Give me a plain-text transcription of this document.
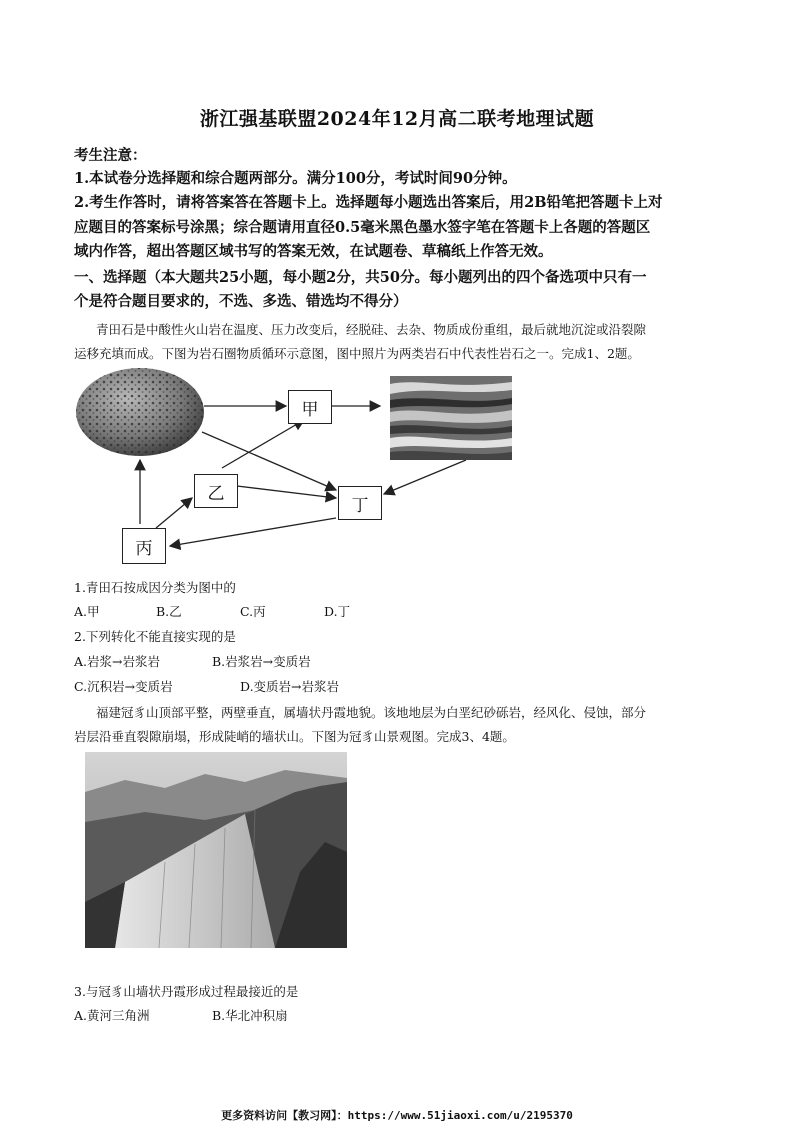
浙江强基联盟2024年12月高二联考地理试题
考生注意：
1.本试卷分选择题和综合题两部分。满分100分，考试时间90分钟。
2.考生作答时，请将答案答在答题卡上。选择题每小题选出答案后，用2B铅笔把答题卡上对
应题目的答案标号涂黑；综合题请用直径0.5毫米黑色墨水签字笔在答题卡上各题的答题区
域内作答，超出答题区域书写的答案无效，在试题卷、草稿纸上作答无效。
一、选择题（本大题共25小题，每小题2分，共50分。每小题列出的四个备选项中只有一
个是符合题目要求的，不选、多选、错选均不得分）
青田石是中酸性火山岩在温度、压力改变后，经脱硅、去杂、物质成份重组，最后就地沉淀或沿裂隙
运移充填而成。下图为岩石圈物质循环示意图，图中照片为两类岩石中代表性岩石之一。完成1、2题。
甲
乙
丁
丙
1.青田石按成因分类为图中的
A.甲	B.乙	C.丙	D.丁
2.下列转化不能直接实现的是
A.岩浆→岩浆岩	B.岩浆岩→变质岩
C.沉积岩→变质岩	D.变质岩→岩浆岩
福建冠豸山顶部平整，两壁垂直，属墙状丹霞地貌。该地地层为白垩纪砂砾岩，经风化、侵蚀，部分
岩层沿垂直裂隙崩塌，形成陡峭的墙状山。下图为冠豸山景观图。完成3、4题。
3.与冠豸山墙状丹霞形成过程最接近的是
A.黄河三角洲	B.华北冲积扇
更多资料访问【教习网】：https://www.51jiaoxi.com/u/2195370
